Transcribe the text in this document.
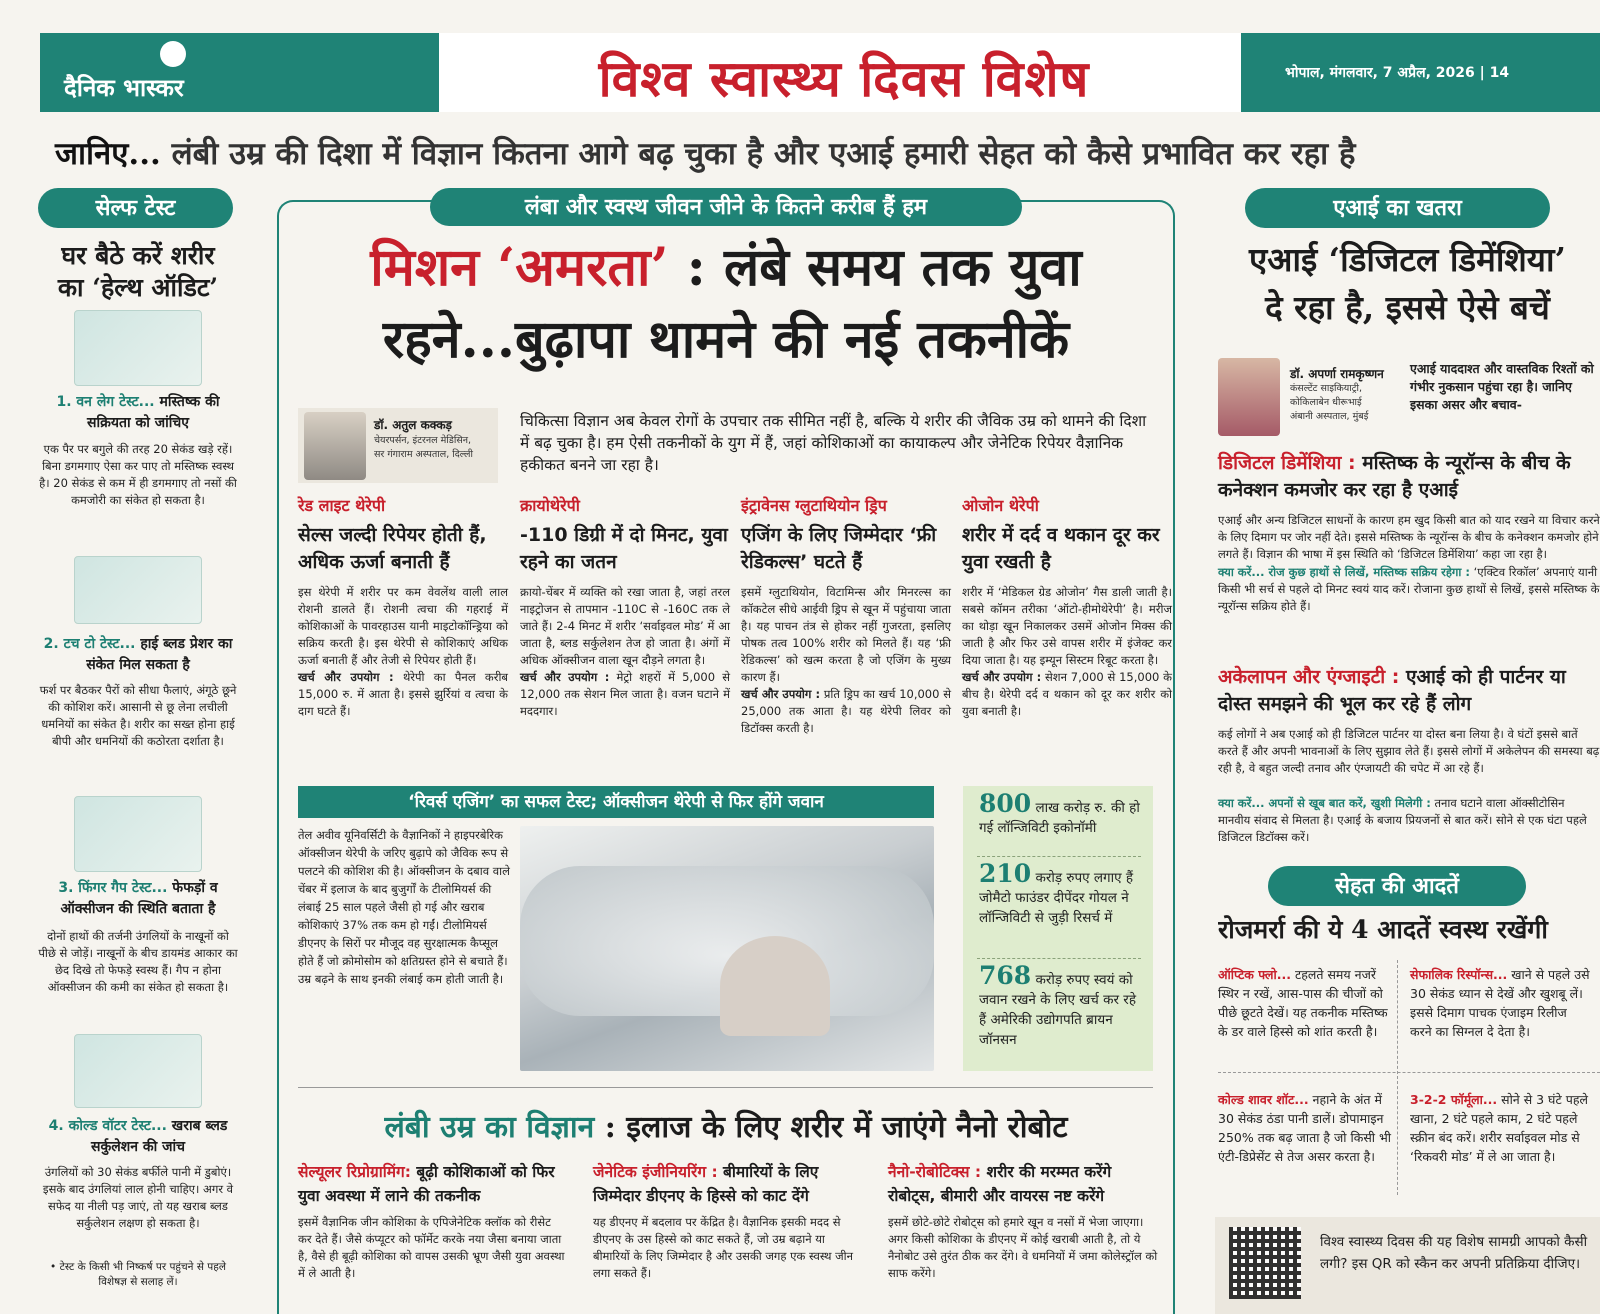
दैनिक भास्कर	विश्व स्वास्थ्य दिवस विशेष	भोपाल, मंगलवार, 7 अप्रैल, 2026 | 14
जानिए... लंबी उम्र की दिशा में विज्ञान कितना आगे बढ़ चुका है और एआई हमारी सेहत को कैसे प्रभावित कर रहा है
सेल्फ टेस्ट
घर बैठे करें शरीर
का ‘हेल्थ ऑडिट’
1. वन लेग टेस्ट... मस्तिष्क की सक्रियता को जांचिए
एक पैर पर बगुले की तरह 20 सेकंड खड़े रहें। बिना डगमगाए ऐसा कर पाए तो मस्तिष्क स्वस्थ है। 20 सेकंड से कम में ही डगमगाए तो नसों की कमजोरी का संकेत हो सकता है।
2. टच टो टेस्ट... हाई ब्लड प्रेशर का संकेत मिल सकता है
फर्श पर बैठकर पैरों को सीधा फैलाएं, अंगूठे छूने की कोशिश करें। आसानी से छू लेना लचीली धमनियों का संकेत है। शरीर का सख्त होना हाई बीपी और धमनियों की कठोरता दर्शाता है।
3. फिंगर गैप टेस्ट... फेफड़ों व ऑक्सीजन की स्थिति बताता है
दोनों हाथों की तर्जनी उंगलियों के नाखूनों को पीछे से जोड़ें। नाखूनों के बीच डायमंड आकार का छेद दिखे तो फेफड़े स्वस्थ हैं। गैप न होना ऑक्सीजन की कमी का संकेत हो सकता है।
4. कोल्ड वॉटर टेस्ट... खराब ब्लड सर्कुलेशन की जांच
उंगलियों को 30 सेकंड बर्फीले पानी में डुबोएं। इसके बाद उंगलियां लाल होनी चाहिए। अगर वे सफेद या नीली पड़ जाएं, तो यह खराब ब्लड सर्कुलेशन लक्षण हो सकता है।
• टेस्ट के किसी भी निष्कर्ष पर पहुंचने से पहले विशेषज्ञ से सलाह लें।
लंबा और स्वस्थ जीवन जीने के कितने करीब हैं हम
मिशन ‘अमरता’ : लंबे समय तक युवा
रहने...बुढ़ापा थामने की नई तकनीकें
डॉ. अतुल कक्कड़
चेयरपर्सन, इंटरनल मेडिसिन,
सर गंगाराम अस्पताल, दिल्ली
चिकित्सा विज्ञान अब केवल रोगों के उपचार तक सीमित नहीं है, बल्कि ये शरीर की जैविक उम्र को थामने की दिशा में बढ़ चुका है। हम ऐसी तकनीकों के युग में हैं, जहां कोशिकाओं का कायाकल्प और जेनेटिक रिपेयर वैज्ञानिक हकीकत बनने जा रहा है।
रेड लाइट थेरेपी
सेल्स जल्दी रिपेयर होती हैं, अधिक ऊर्जा बनाती हैं
इस थेरेपी में शरीर पर कम वेवलेंथ वाली लाल रोशनी डालते हैं। रोशनी त्वचा की गहराई में कोशिकाओं के पावरहाउस यानी माइटोकॉन्ड्रिया को सक्रिय करती है। इस थेरेपी से कोशिकाएं अधिक ऊर्जा बनाती हैं और तेजी से रिपेयर होती हैं।
खर्च और उपयोग : थेरेपी का पैनल करीब 15,000 रु. में आता है। इससे झुर्रियां व त्वचा के दाग घटते हैं।
क्रायोथेरेपी
-110 डिग्री में दो मिनट, युवा रहने का जतन
क्रायो-चेंबर में व्यक्ति को रखा जाता है, जहां तरल नाइट्रोजन से तापमान -110C से -160C तक ले जाते हैं। 2-4 मिनट में शरीर ‘सर्वाइवल मोड’ में आ जाता है, ब्लड सर्कुलेशन तेज हो जाता है। अंगों में अधिक ऑक्सीजन वाला खून दौड़ने लगता है।
खर्च और उपयोग : मेट्रो शहरों में 5,000 से 12,000 तक सेशन मिल जाता है। वजन घटाने में मददगार।
इंट्रावेनस ग्लुटाथियोन ड्रिप
एजिंग के लिए जिम्मेदार ‘फ्री रेडिकल्स’ घटते हैं
इसमें ग्लुटाथियोन, विटामिन्स और मिनरल्स का कॉकटेल सीधे आईवी ड्रिप से खून में पहुंचाया जाता है। यह पाचन तंत्र से होकर नहीं गुजरता, इसलिए पोषक तत्व 100% शरीर को मिलते हैं। यह ‘फ्री रेडिकल्स’ को खत्म करता है जो एजिंग के मुख्य कारण हैं।
खर्च और उपयोग : प्रति ड्रिप का खर्च 10,000 से 25,000 तक आता है। यह थेरेपी लिवर को डिटॉक्स करती है।
ओजोन थेरेपी
शरीर में दर्द व थकान दूर कर युवा रखती है
शरीर में ‘मेडिकल ग्रेड ओजोन’ गैस डाली जाती है। सबसे कॉमन तरीका ‘ऑटो-हीमोथेरेपी’ है। मरीज का थोड़ा खून निकालकर उसमें ओजोन मिक्स की जाती है और फिर उसे वापस शरीर में इंजेक्ट कर दिया जाता है। यह इम्यून सिस्टम रिबूट करता है।
खर्च और उपयोग : सेशन 7,000 से 15,000 के बीच है। थेरेपी दर्द व थकान को दूर कर शरीर को युवा बनाती है।
‘रिवर्स एजिंग’ का सफल टेस्ट; ऑक्सीजन थेरेपी से फिर होंगे जवान
तेल अवीव यूनिवर्सिटी के वैज्ञानिकों ने हाइपरबेरिक ऑक्सीजन थेरेपी के जरिए बुढ़ापे को जैविक रूप से पलटने की कोशिश की है। ऑक्सीजन के दबाव वाले चेंबर में इलाज के बाद बुजुर्गों के टीलोमियर्स की लंबाई 25 साल पहले जैसी हो गई और खराब कोशिकाएं 37% तक कम हो गईं। टीलोमियर्स डीएनए के सिरों पर मौजूद वह सुरक्षात्मक कैप्सूल होते हैं जो क्रोमोसोम को क्षतिग्रस्त होने से बचाते हैं। उम्र बढ़ने के साथ इनकी लंबाई कम होती जाती है।
800 लाख करोड़ रु. की हो गई लॉन्जिविटी इकोनॉमी
210 करोड़ रुपए लगाए हैं जोमैटो फाउंडर दीपेंदर गोयल ने लॉन्जिविटी से जुड़ी रिसर्च में
768 करोड़ रुपए स्वयं को जवान रखने के लिए खर्च कर रहे हैं अमेरिकी उद्योगपति ब्रायन जॉनसन
लंबी उम्र का विज्ञान : इलाज के लिए शरीर में जाएंगे नैनो रोबोट
सेल्यूलर रिप्रोग्रामिंग: बूढ़ी कोशिकाओं को फिर युवा अवस्था में लाने की तकनीक
इसमें वैज्ञानिक जीन कोशिका के एपिजेनेटिक क्लॉक को रीसेट कर देते हैं। जैसे कंप्यूटर को फॉर्मेट करके नया जैसा बनाया जाता है, वैसे ही बूढ़ी कोशिका को वापस उसकी भ्रूण जैसी युवा अवस्था में ले आती है।
जेनेटिक इंजीनियरिंग : बीमारियों के लिए जिम्मेदार डीएनए के हिस्से को काट देंगे
यह डीएनए में बदलाव पर केंद्रित है। वैज्ञानिक इसकी मदद से डीएनए के उस हिस्से को काट सकते हैं, जो उम्र बढ़ाने या बीमारियों के लिए जिम्मेदार है और उसकी जगह एक स्वस्थ जीन लगा सकते हैं।
नैनो-रोबोटिक्स : शरीर की मरम्मत करेंगे रोबोट्स, बीमारी और वायरस नष्ट करेंगे
इसमें छोटे-छोटे रोबोट्स को हमारे खून व नसों में भेजा जाएगा। अगर किसी कोशिका के डीएनए में कोई खराबी आती है, तो ये नैनोबोट उसे तुरंत ठीक कर देंगे। वे धमनियों में जमा कोलेस्ट्रॉल को साफ करेंगे।
एआई का खतरा
एआई ‘डिजिटल डिमेंशिया’
दे रहा है, इससे ऐसे बचें
डॉ. अपर्णा रामकृष्णन
कंसल्टेंट साइकियाट्री,
कोकिलाबेन धीरूभाई
अंबानी अस्पताल, मुंबई
एआई याददाश्त और वास्तविक रिश्तों को गंभीर नुकसान पहुंचा रहा है। जानिए इसका असर और बचाव-
डिजिटल डिमेंशिया : मस्तिष्क के न्यूरॉन्स के बीच के कनेक्शन कमजोर कर रहा है एआई
एआई और अन्य डिजिटल साधनों के कारण हम खुद किसी बात को याद रखने या विचार करने के लिए दिमाग पर जोर नहीं देते। इससे मस्तिष्क के न्यूरॉन्स के बीच के कनेक्शन कमजोर होने लगते हैं। विज्ञान की भाषा में इस स्थिति को ‘डिजिटल डिमेंशिया’ कहा जा रहा है।
क्या करें... रोज कुछ हाथों से लिखें, मस्तिष्क सक्रिय रहेगा : ‘एक्टिव रिकॉल’ अपनाएं यानी किसी भी सर्च से पहले दो मिनट स्वयं याद करें। रोजाना कुछ हाथों से लिखें, इससे मस्तिष्क के न्यूरॉन्स सक्रिय होते हैं।
अकेलापन और एंग्जाइटी : एआई को ही पार्टनर या दोस्त समझने की भूल कर रहे हैं लोग
कई लोगों ने अब एआई को ही डिजिटल पार्टनर या दोस्त बना लिया है। वे घंटों इससे बातें करते हैं और अपनी भावनाओं के लिए सुझाव लेते हैं। इससे लोगों में अकेलेपन की समस्या बढ़ रही है, वे बहुत जल्दी तनाव और एंग्जायटी की चपेट में आ रहे हैं।
क्या करें... अपनों से खूब बात करें, खुशी मिलेगी : तनाव घटाने वाला ऑक्सीटोसिन मानवीय संवाद से मिलता है। एआई के बजाय प्रियजनों से बात करें। सोने से एक घंटा पहले डिजिटल डिटॉक्स करें।
सेहत की आदतें
रोजमर्रा की ये 4 आदतें स्वस्थ रखेंगी
ऑप्टिक फ्लो... टहलते समय नजरें स्थिर न रखें, आस-पास की चीजों को पीछे छूटते देखें। यह तकनीक मस्तिष्क के डर वाले हिस्से को शांत करती है।
सेफालिक रिस्पॉन्स... खाने से पहले उसे 30 सेकंड ध्यान से देखें और खुशबू लें। इससे दिमाग पाचक एंजाइम रिलीज करने का सिग्नल दे देता है।
कोल्ड शावर शॉट... नहाने के अंत में 30 सेकंड ठंडा पानी डालें। डोपामाइन 250% तक बढ़ जाता है जो किसी भी एंटी-डिप्रेसेंट से तेज असर करता है।
3-2-2 फॉर्मूला... सोने से 3 घंटे पहले खाना, 2 घंटे पहले काम, 2 घंटे पहले स्क्रीन बंद करें। शरीर सर्वाइवल मोड से ‘रिकवरी मोड’ में ले आ जाता है।
विश्व स्वास्थ्य दिवस की यह विशेष सामग्री आपको कैसी लगी? इस QR को स्कैन कर अपनी प्रतिक्रिया दीजिए।
